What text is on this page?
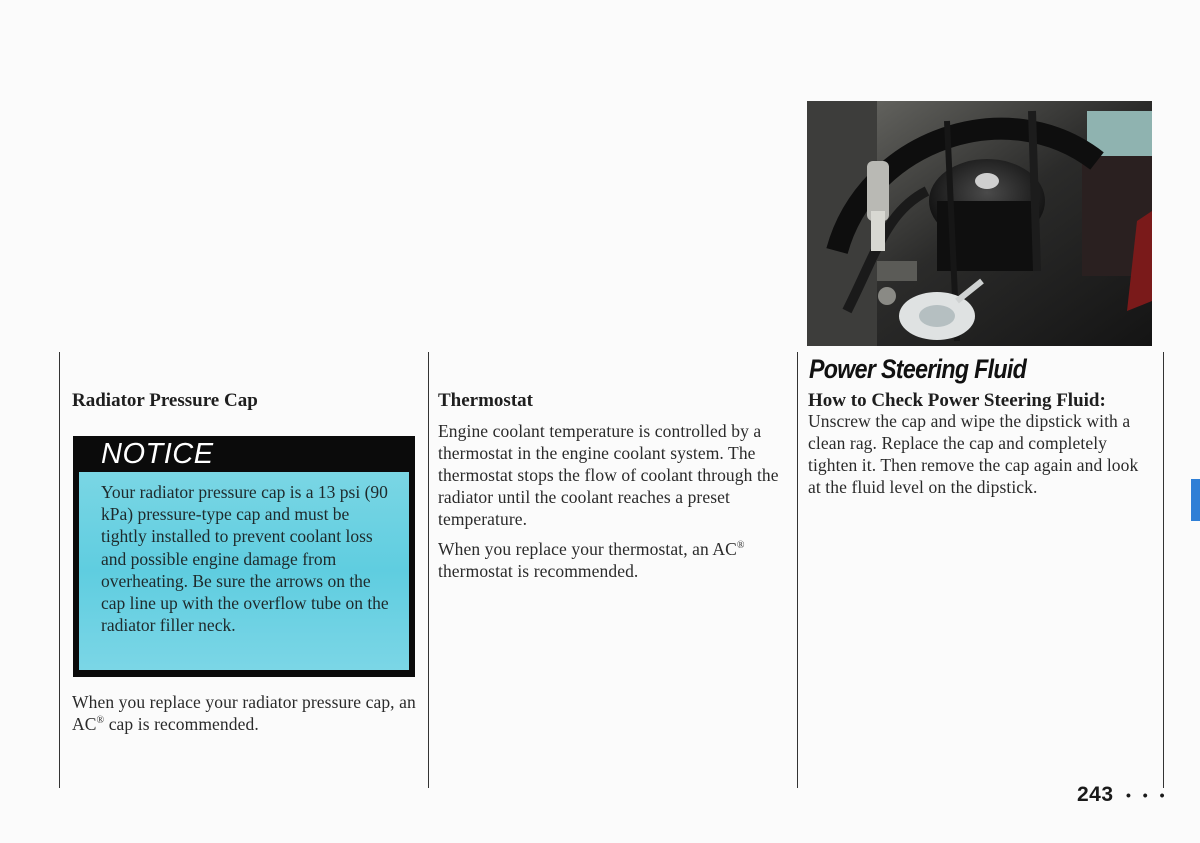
Radiator Pressure Cap

NOTICE
Your radiator pressure cap is a 13 psi (90 kPa) pressure-type cap and must be tightly installed to prevent coolant loss and possible engine damage from overheating. Be sure the arrows on the cap line up with the overflow tube on the radiator filler neck.

When you replace your radiator pressure cap, an AC® cap is recommended.

Thermostat

Engine coolant temperature is controlled by a thermostat in the engine coolant system. The thermostat stops the flow of coolant through the radiator until the coolant reaches a preset temperature.

When you replace your thermostat, an AC® thermostat is recommended.

Power Steering Fluid

How to Check Power Steering Fluid:

Unscrew the cap and wipe the dipstick with a clean rag. Replace the cap and completely tighten it. Then remove the cap again and look at the fluid level on the dipstick.

243 • • •
